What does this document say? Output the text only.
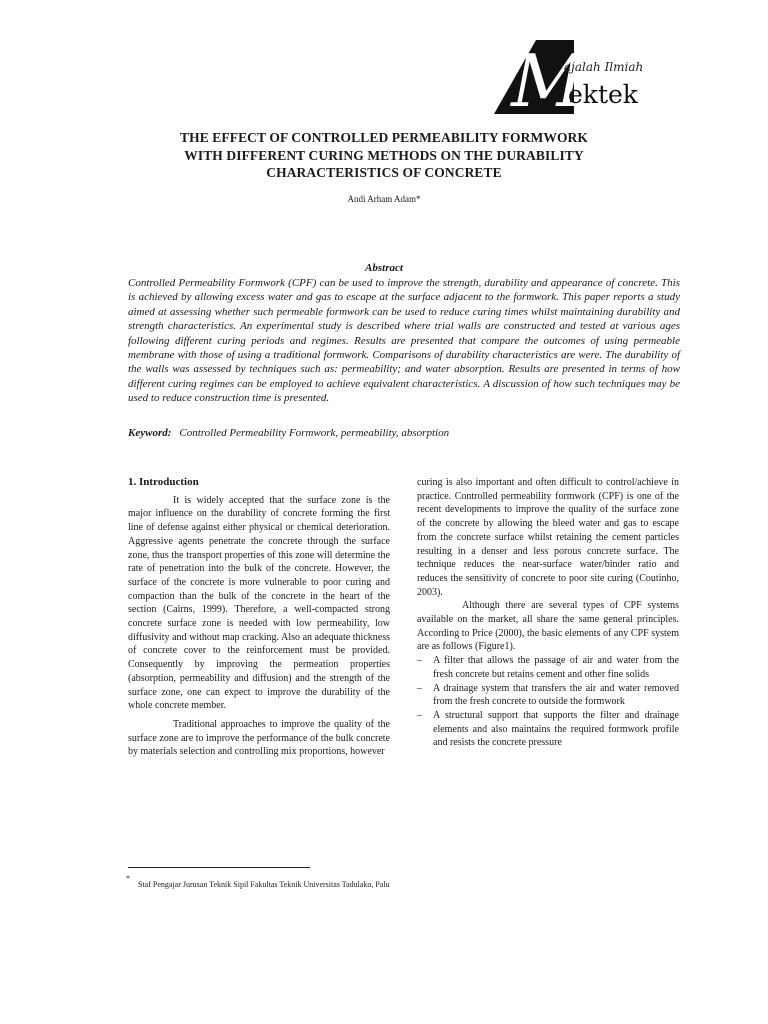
M
ajalah Ilmiah
ektek
THE EFFECT OF CONTROLLED PERMEABILITY FORMWORK
WITH DIFFERENT CURING METHODS ON THE DURABILITY
CHARACTERISTICS OF CONCRETE
Andi Arham Adam*
Abstract

Controlled Permeability Formwork (CPF) can be used to improve the strength, durability and appearance of concrete. This is achieved by allowing excess water and gas to escape at the surface adjacent to the formwork. This paper reports a study aimed at assessing whether such permeable formwork can be used to reduce curing times whilst maintaining durability and strength characteristics. An experimental study is described where trial walls are constructed and tested at various ages following different curing periods and regimes. Results are presented that compare the outcomes of using permeable membrane with those of using a traditional formwork. Comparisons of durability characteristics are were. The durability of the walls was assessed by techniques such as: permeability; and water absorption. Results are presented in terms of how different curing regimes can be employed to achieve equivalent characteristics. A discussion of how such techniques may be used to reduce construction time is presented.

Keyword: Controlled Permeability Formwork, permeability, absorption
1. Introduction

It is widely accepted that the surface zone is the major influence on the durability of concrete forming the first line of defense against either physical or chemical deterioration. Aggressive agents penetrate the concrete through the surface zone, thus the transport properties of this zone will determine the rate of penetration into the bulk of the concrete. However, the surface of the concrete is more vulnerable to poor curing and compaction than the bulk of the concrete in the heart of the section (Cairns, 1999). Therefore, a well-compacted strong concrete surface zone is needed with low permeability, low diffusivity and without map cracking. Also an adequate thickness of concrete cover to the reinforcement must be provided. Consequently by improving the permeation properties (absorption, permeability and diffusion) and the strength of the surface zone, one can expect to improve the durability of the whole concrete member.

Traditional approaches to improve the quality of the surface zone are to improve the performance of the bulk concrete by materials selection and controlling mix proportions, however

curing is also important and often difficult to control/achieve in practice. Controlled permeability formwork (CPF) is one of the recent developments to improve the quality of the surface zone of the concrete by allowing the bleed water and gas to escape from the concrete surface whilst retaining the cement particles resulting in a denser and less porous concrete surface. The technique reduces the near-surface water/binder ratio and reduces the sensitivity of concrete to poor site curing (Coutinho, 2003).

Although there are several types of CPF systems available on the market, all share the same general principles. According to Price (2000), the basic elements of any CPF system are as follows (Figure1).

– A filter that allows the passage of air and water from the fresh concrete but retains cement and other fine solids
– A drainage system that transfers the air and water removed from the fresh concrete to outside the formwork
– A structural support that supports the filter and drainage elements and also maintains the required formwork profile and resists the concrete pressure
*Staf Pengajar Jurusan Teknik Sipil Fakultas Teknik Universitas Tadulako, Palu
